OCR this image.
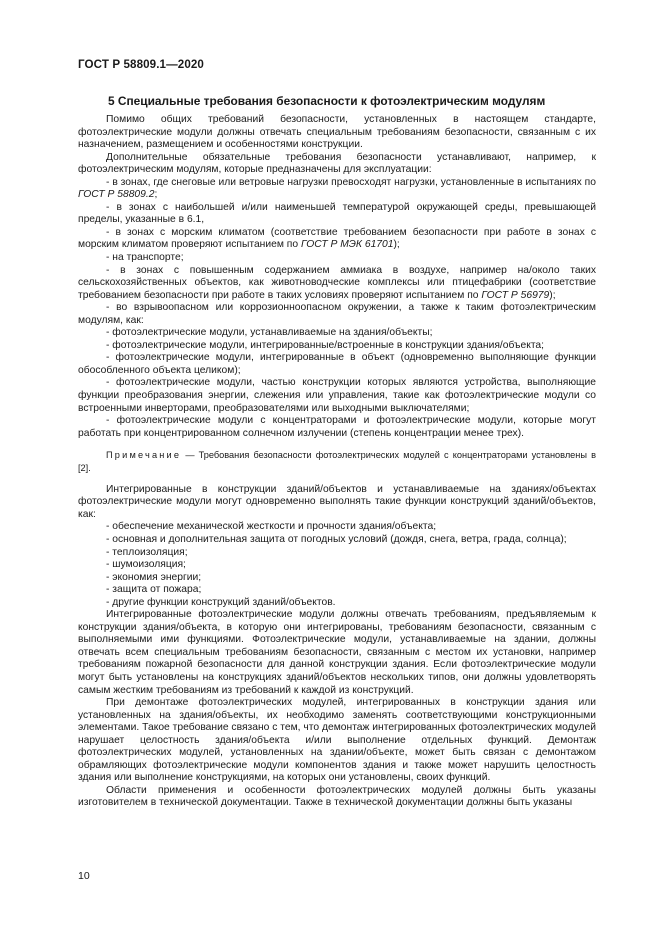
ГОСТ Р 58809.1—2020
5 Специальные требования безопасности к фотоэлектрическим модулям

Помимо общих требований безопасности, установленных в настоящем стандарте, фотоэлектрические модули должны отвечать специальным требованиям безопасности, связанным с их назначением, размещением и особенностями конструкции.

Дополнительные обязательные требования безопасности устанавливают, например, к фотоэлектрическим модулям, которые предназначены для эксплуатации:

- в зонах, где снеговые или ветровые нагрузки превосходят нагрузки, установленные в испытаниях по ГОСТ Р 58809.2;

- в зонах с наибольшей и/или наименьшей температурой окружающей среды, превышающей пределы, указанные в 6.1,

- в зонах с морским климатом (соответствие требованием безопасности при работе в зонах с морским климатом проверяют испытанием по ГОСТ Р МЭК 61701);

- на транспорте;

- в зонах с повышенным содержанием аммиака в воздухе, например на/около таких сельскохозяйственных объектов, как животноводческие комплексы или птицефабрики (соответствие требованием безопасности при работе в таких условиях проверяют испытанием по ГОСТ Р 56979);

- во взрывоопасном или коррозионноопасном окружении, а также к таким фотоэлектрическим модулям, как:

- фотоэлектрические модули, устанавливаемые на здания/объекты;

- фотоэлектрические модули, интегрированные/встроенные в конструкции здания/объекта;

- фотоэлектрические модули, интегрированные в объект (одновременно выполняющие функции обособленного объекта целиком);

- фотоэлектрические модули, частью конструкции которых являются устройства, выполняющие функции преобразования энергии, слежения или управления, такие как фотоэлектрические модули со встроенными инверторами, преобразователями или выходными выключателями;

- фотоэлектрические модули с концентраторами и фотоэлектрические модули, которые могут работать при концентрированном солнечном излучении (степень концентрации менее трех).

Примечание — Требования безопасности фотоэлектрических модулей с концентраторами установлены в [2].

Интегрированные в конструкции зданий/объектов и устанавливаемые на зданиях/объектах фотоэлектрические модули могут одновременно выполнять такие функции конструкций зданий/объектов, как:

- обеспечение механической жесткости и прочности здания/объекта;

- основная и дополнительная защита от погодных условий (дождя, снега, ветра, града, солнца);

- теплоизоляция;

- шумоизоляция;

- экономия энергии;

- защита от пожара;

- другие функции конструкций зданий/объектов.

Интегрированные фотоэлектрические модули должны отвечать требованиям, предъявляемым к конструкции здания/объекта, в которую они интегрированы, требованиям безопасности, связанным с выполняемыми ими функциями. Фотоэлектрические модули, устанавливаемые на здании, должны отвечать всем специальным требованиям безопасности, связанным с местом их установки, например требованиям пожарной безопасности для данной конструкции здания. Если фотоэлектрические модули могут быть установлены на конструкциях зданий/объектов нескольких типов, они должны удовлетворять самым жестким требованиям из требований к каждой из конструкций.

При демонтаже фотоэлектрических модулей, интегрированных в конструкции здания или установленных на здания/объекты, их необходимо заменять соответствующими конструкционными элементами. Такое требование связано с тем, что демонтаж интегрированных фотоэлектрических модулей нарушает целостность здания/объекта и/или выполнение отдельных функций. Демонтаж фотоэлектрических модулей, установленных на здании/объекте, может быть связан с демонтажом обрамляющих фотоэлектрические модули компонентов здания и также может нарушить целостность здания или выполнение конструкциями, на которых они установлены, своих функций.

Области применения и особенности фотоэлектрических модулей должны быть указаны изготовителем в технической документации. Также в технической документации должны быть указаны

10
